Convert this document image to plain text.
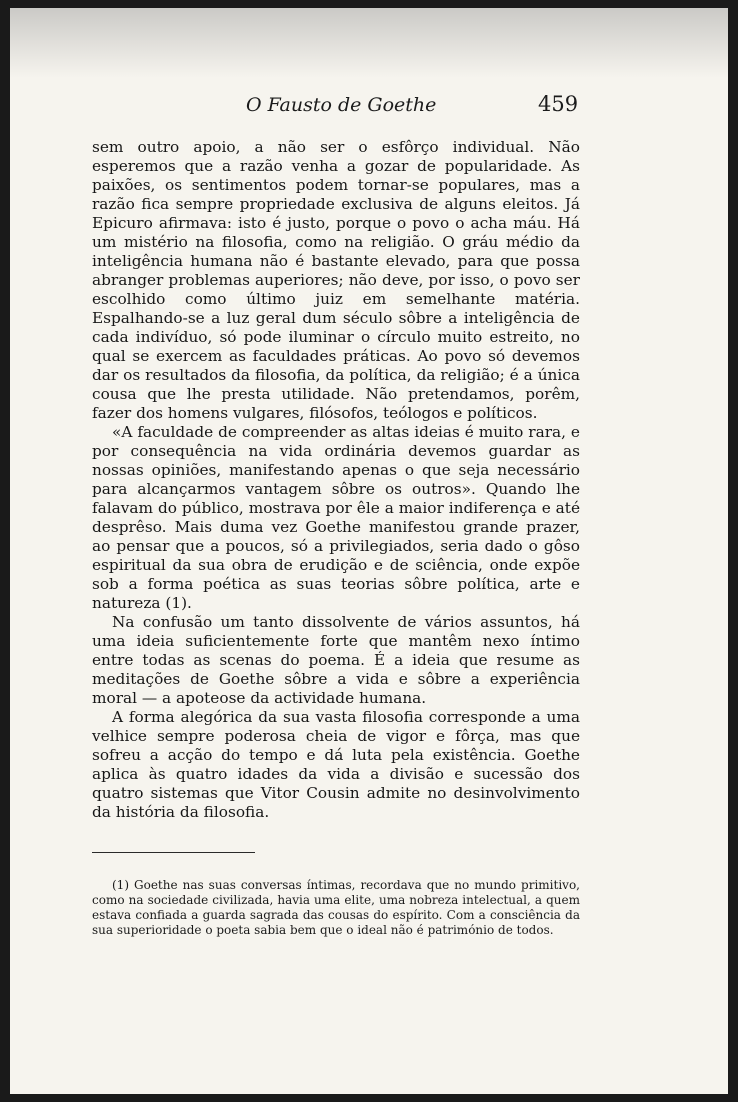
O Fausto de Goethe	459

sem outro apoio, a não ser o esfôrço individual. Não esperemos que a razão venha a gozar de popularidade. As paixões, os sentimentos podem tornar-se populares, mas a razão fica sempre propriedade exclusiva de alguns eleitos. Já Epicuro afirmava: isto é justo, porque o povo o acha máu. Há um mistério na filosofia, como na religião. O gráu médio da inteligência humana não é bastante elevado, para que possa abranger problemas auperiores; não deve, por isso, o povo ser escolhido como último juiz em semelhante matéria. Espalhando-se a luz geral dum século sôbre a inteligência de cada indivíduo, só pode iluminar o círculo muito estreito, no qual se exercem as faculdades práticas. Ao povo só devemos dar os resultados da filosofia, da política, da religião; é a única cousa que lhe presta utilidade. Não pretendamos, porêm, fazer dos homens vulgares, filósofos, teólogos e políticos.

«A faculdade de compreender as altas ideias é muito rara, e por consequência na vida ordinária devemos guardar as nossas opiniões, manifestando apenas o que seja necessário para alcançarmos vantagem sôbre os outros». Quando lhe falavam do público, mostrava por êle a maior indiferença e até desprêso. Mais duma vez Goethe manifestou grande prazer, ao pensar que a poucos, só a privilegiados, seria dado o gôso espiritual da sua obra de erudição e de sciência, onde expõe sob a forma poética as suas teorias sôbre política, arte e natureza (1).

Na confusão um tanto dissolvente de vários assuntos, há uma ideia suficientemente forte que mantêm nexo íntimo entre todas as scenas do poema. É a ideia que resume as meditações de Goethe sôbre a vida e sôbre a experiência moral — a apoteose da actividade humana.

A forma alegórica da sua vasta filosofia corresponde a uma velhice sempre poderosa cheia de vigor e fôrça, mas que sofreu a acção do tempo e dá luta pela existência. Goethe aplica às quatro idades da vida a divisão e sucessão dos quatro sistemas que Vitor Cousin admite no desinvolvimento da história da filosofia.

(1) Goethe nas suas conversas íntimas, recordava que no mundo primitivo, como na sociedade civilizada, havia uma elite, uma nobreza intelectual, a quem estava confiada a guarda sagrada das cousas do espírito. Com a consciência da sua superioridade o poeta sabia bem que o ideal não é património de todos.
